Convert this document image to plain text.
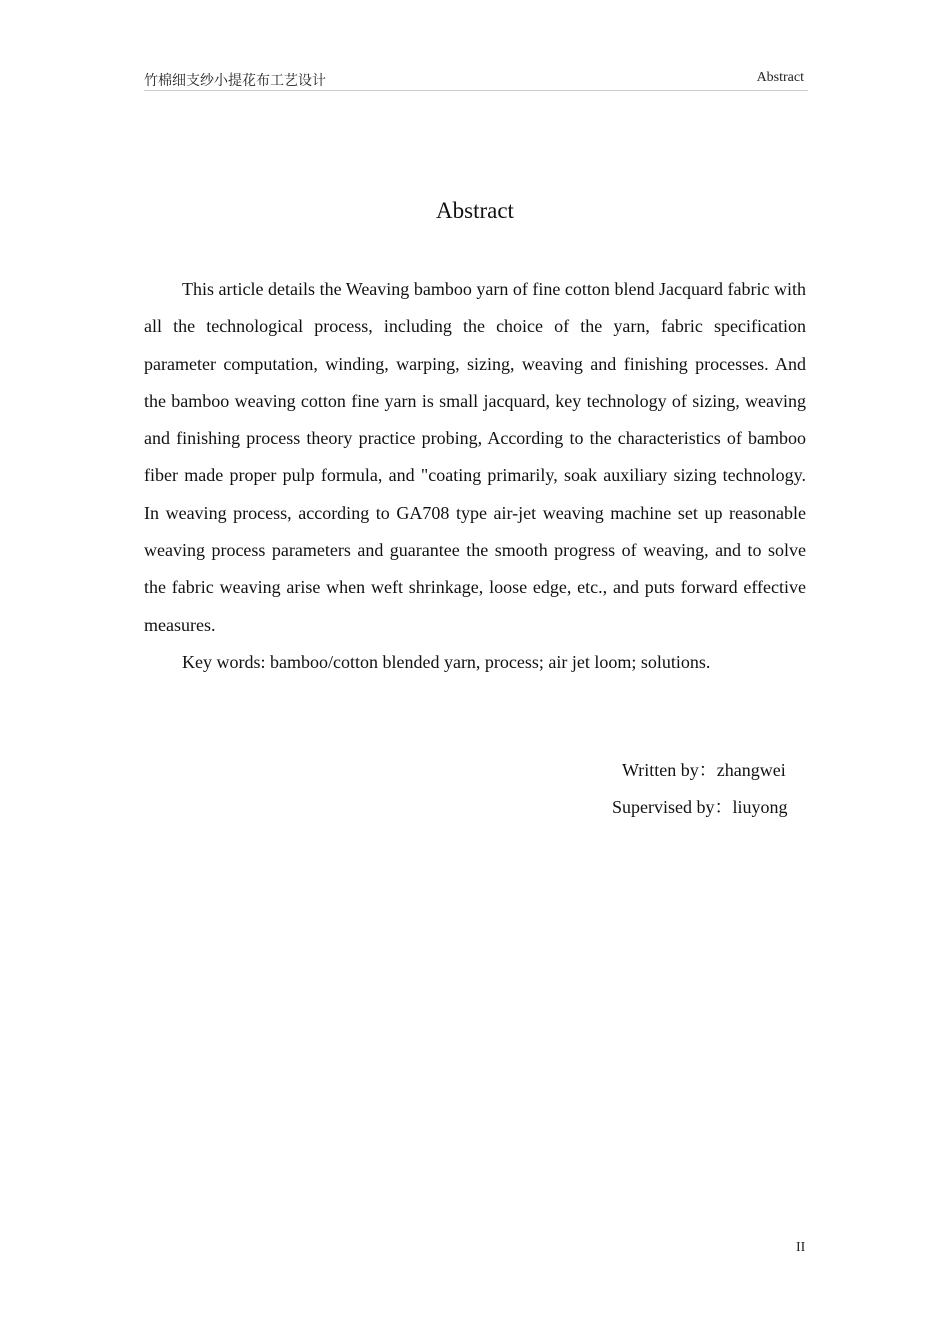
竹棉细支纱小提花布工艺设计	Abstract
Abstract

This article details the Weaving bamboo yarn of fine cotton blend Jacquard fabric with all the technological process, including the choice of the yarn, fabric specification parameter computation, winding, warping, sizing, weaving and finishing processes. And the bamboo weaving cotton fine yarn is small jacquard, key technology of sizing, weaving and finishing process theory practice probing, According to the characteristics of bamboo fiber made proper pulp formula, and "coating primarily, soak auxiliary sizing technology. In weaving process, according to GA708 type air-jet weaving machine set up reasonable weaving process parameters and guarantee the smooth progress of weaving, and to solve the fabric weaving arise when weft shrinkage, loose edge, etc., and puts forward effective measures.

Key words: bamboo/cotton blended yarn, process; air jet loom; solutions.

Written by：zhangwei
Supervised by：liuyong
II
